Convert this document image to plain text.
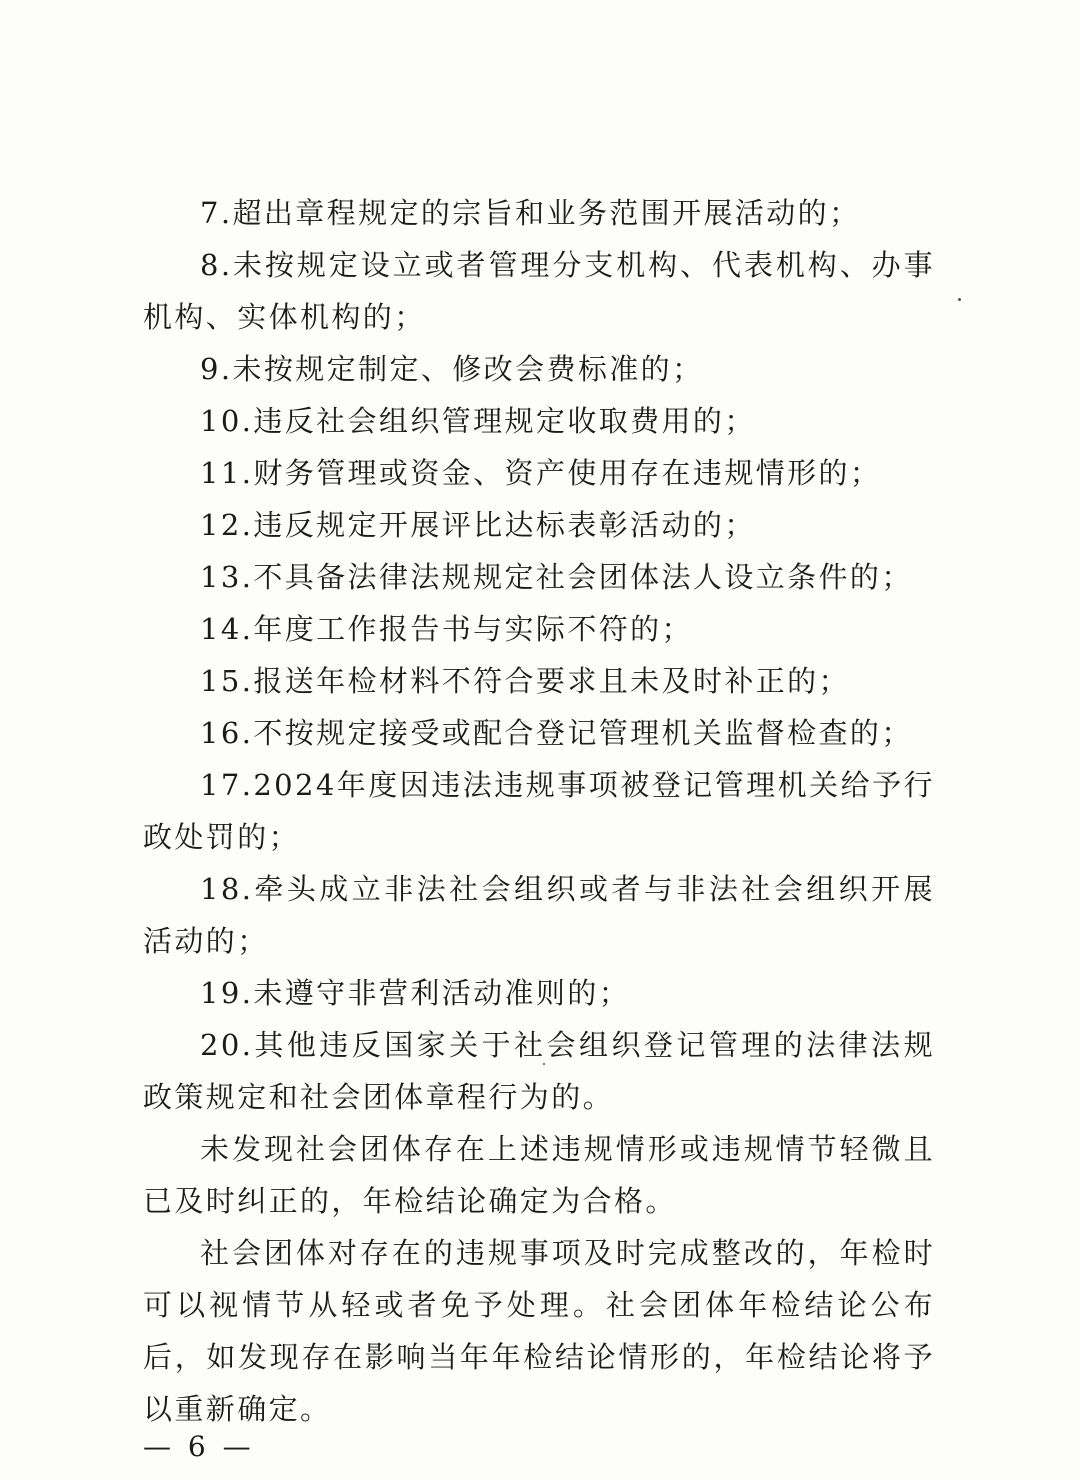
7.超出章程规定的宗旨和业务范围开展活动的；

8.未按规定设立或者管理分支机构、代表机构、办事机构、实体机构的；

9.未按规定制定、修改会费标准的；

10.违反社会组织管理规定收取费用的；

11.财务管理或资金、资产使用存在违规情形的；

12.违反规定开展评比达标表彰活动的；

13.不具备法律法规规定社会团体法人设立条件的；

14.年度工作报告书与实际不符的；

15.报送年检材料不符合要求且未及时补正的；

16.不按规定接受或配合登记管理机关监督检查的；

17.2024年度因违法违规事项被登记管理机关给予行政处罚的；

18.牵头成立非法社会组织或者与非法社会组织开展活动的；

19.未遵守非营利活动准则的；

20.其他违反国家关于社会组织登记管理的法律法规政策规定和社会团体章程行为的。

未发现社会团体存在上述违规情形或违规情节轻微且已及时纠正的，年检结论确定为合格。

社会团体对存在的违规事项及时完成整改的，年检时可以视情节从轻或者免予处理。社会团体年检结论公布后，如发现存在影响当年年检结论情形的，年检结论将予以重新确定。

— 6 —
